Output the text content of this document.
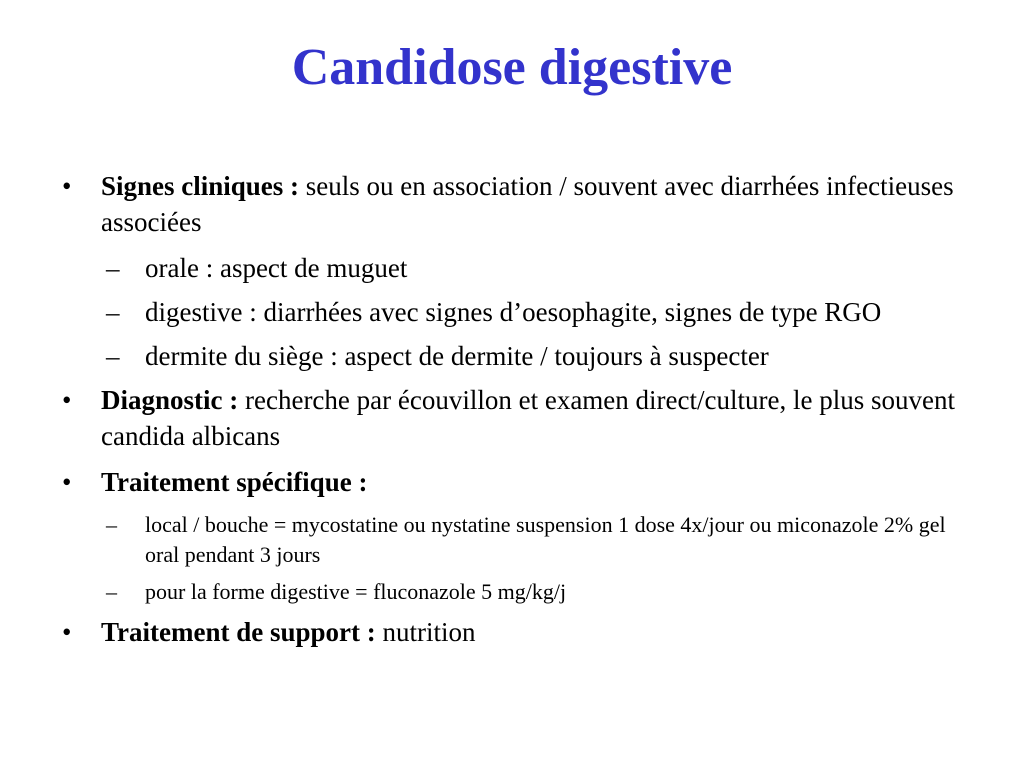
Candidose digestive
• Signes cliniques : seuls ou en association / souvent avec diarrhées infectieuses associées
– orale : aspect de muguet
– digestive : diarrhées avec signes d’oesophagite, signes de type RGO
– dermite du siège : aspect de dermite / toujours à suspecter
• Diagnostic : recherche par écouvillon et examen direct/culture, le plus souvent candida albicans
• Traitement spécifique :
– local / bouche = mycostatine ou nystatine suspension 1 dose 4x/jour ou miconazole 2% gel oral pendant 3 jours
– pour la forme digestive = fluconazole 5 mg/kg/j
• Traitement de support : nutrition
